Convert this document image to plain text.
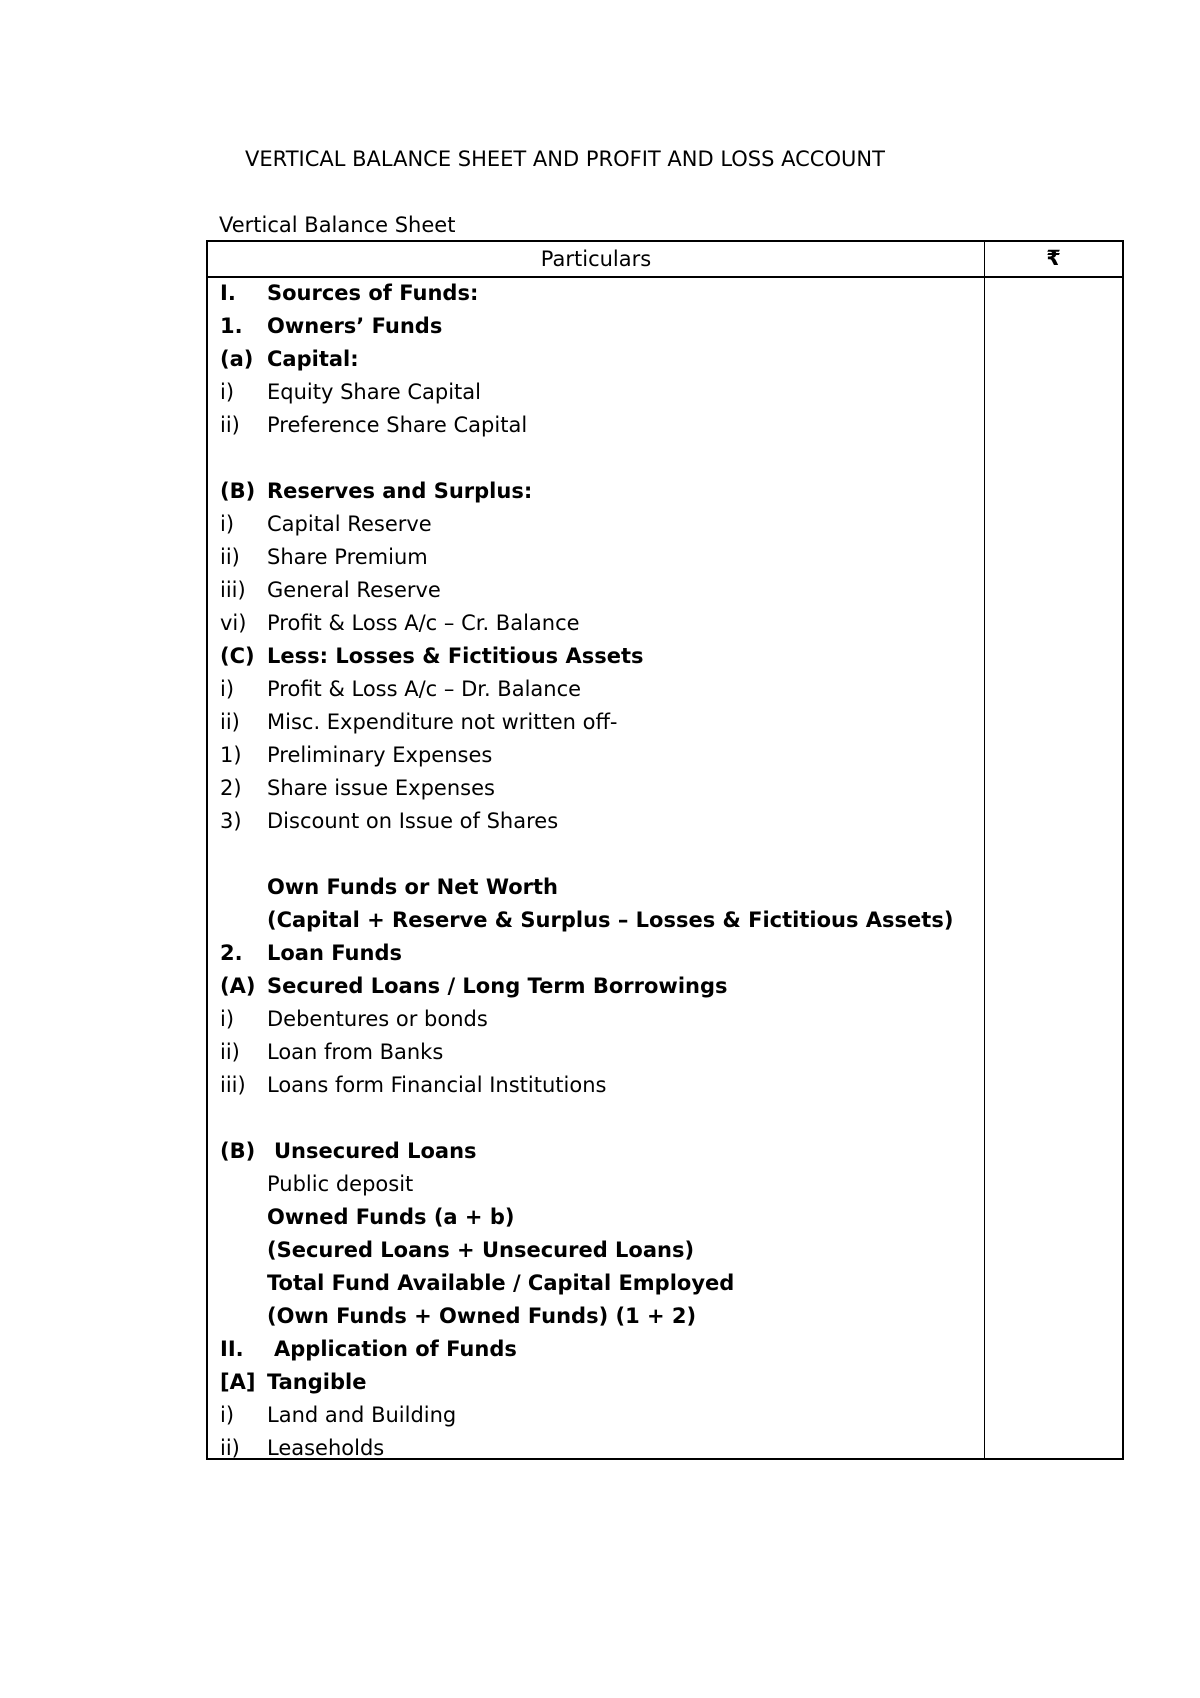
VERTICAL BALANCE SHEET AND PROFIT AND LOSS ACCOUNT
Vertical Balance Sheet
Particulars	₹
I. Sources of Funds:
1. Owners’ Funds
(a) Capital:
i) Equity Share Capital
ii) Preference Share Capital
(B) Reserves and Surplus:
i) Capital Reserve
ii) Share Premium
iii) General Reserve
vi) Profit & Loss A/c – Cr. Balance
(C) Less: Losses & Fictitious Assets
i) Profit & Loss A/c – Dr. Balance
ii) Misc. Expenditure not written off-
1) Preliminary Expenses
2) Share issue Expenses
3) Discount on Issue of Shares
Own Funds or Net Worth
(Capital + Reserve & Surplus – Losses & Fictitious Assets)
2. Loan Funds
(A) Secured Loans / Long Term Borrowings
i) Debentures or bonds
ii) Loan from Banks
iii) Loans form Financial Institutions
(B) Unsecured Loans
Public deposit
Owned Funds (a + b)
(Secured Loans + Unsecured Loans)
Total Fund Available / Capital Employed
(Own Funds + Owned Funds) (1 + 2)
II. Application of Funds
[A] Tangible
i) Land and Building
ii) Leaseholds
